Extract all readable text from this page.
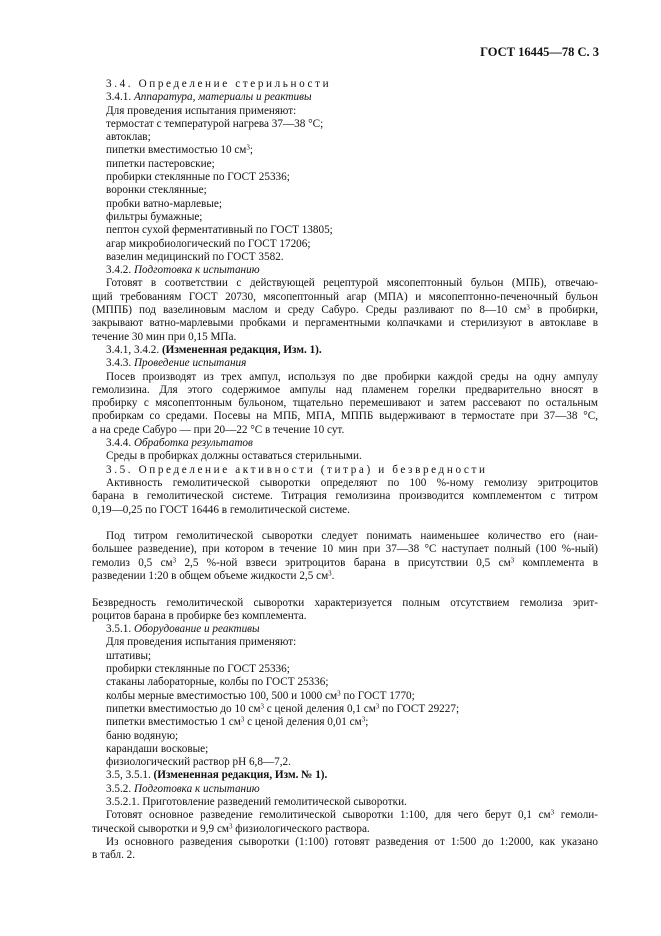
ГОСТ 16445—78 С. 3
3.4. Определение стерильности
3.4.1. Аппаратура, материалы и реактивы
Для проведения испытания применяют:
термостат с температурой нагрева 37—38 °С;
автоклав;
пипетки вместимостью 10 $см^3$;
пипетки пастеровские;
пробирки стеклянные по ГОСТ 25336;
воронки стеклянные;
пробки ватно-марлевые;
фильтры бумажные;
пептон сухой ферментативный по ГОСТ 13805;
агар микробиологический по ГОСТ 17206;
вазелин медицинский по ГОСТ 3582.
3.4.2. Подготовка к испытанию
Готовят в соответствии с действующей рецептурой мясопептонный бульон (МПБ), отвечаю-
щий требованиям ГОСТ 20730, мясопептонный агар (МПА) и мясопептонно-печеночный бульон
(МППБ) под вазелиновым маслом и среду Сабуро. Среды разливают по 8—10 $см^3$ в пробирки,
закрывают ватно-марлевыми пробками и пергаментными колпачками и стерилизуют в автоклаве в
течение 30 мин при 0,15 МПа.
3.4.1, 3.4.2. (Измененная редакция, Изм. 1).
3.4.3. Проведение испытания
Посев производят из трех ампул, используя по две пробирки каждой среды на одну ампулу
гемолизина. Для этого содержимое ампулы над пламенем горелки предварительно вносят в
пробирку с мясопептонным бульоном, тщательно перемешивают и затем рассевают по остальным
пробиркам со средами. Посевы на МПБ, МПА, МППБ выдерживают в термостате при 37—38 °С,
а на среде Сабуро — при 20—22 °С в течение 10 сут.
3.4.4. Обработка результатов
Среды в пробирках должны оставаться стерильными.
3.5. Определение активности (титра) и безвредности
Активность гемолитической сыворотки определяют по 100 %-ному гемолизу эритроцитов
барана в гемолитической системе. Титрация гемолизина производится комплементом с титром
0,19—0,25 по ГОСТ 16446 в гемолитической системе.

Под титром гемолитической сыворотки следует понимать наименьшее количество его (наи-
большее разведение), при котором в течение 10 мин при 37—38 °С наступает полный (100 %-ный)
гемолиз 0,5 $см^3$ 2,5 %-ной взвеси эритроцитов барана в присутствии 0,5 $см^3$ комплемента в
разведении 1:20 в общем объеме жидкости 2,5 $см^3$.

Безвредность гемолитической сыворотки характеризуется полным отсутствием гемолиза эрит-
роцитов барана в пробирке без комплемента.
3.5.1. Оборудование и реактивы
Для проведения испытания применяют:
штативы;
пробирки стеклянные по ГОСТ 25336;
стаканы лабораторные, колбы по ГОСТ 25336;
колбы мерные вместимостью 100, 500 и 1000 $см^3$ по ГОСТ 1770;
пипетки вместимостью до 10 $см^3$ с ценой деления 0,1 $см^3$ по ГОСТ 29227;
пипетки вместимостью 1 $см^3$ с ценой деления 0,01 $см^3$;
баню водяную;
карандаши восковые;
физиологический раствор рН 6,8—7,2.
3.5, 3.5.1. (Измененная редакция, Изм. № 1).
3.5.2. Подготовка к испытанию
3.5.2.1. Приготовление разведений гемолитической сыворотки.
Готовят основное разведение гемолитической сыворотки 1:100, для чего берут 0,1 $см^3$ гемоли-
тической сыворотки и 9,9 $см^3$ физиологического раствора.
Из основного разведения сыворотки (1:100) готовят разведения от 1:500 до 1:2000, как указано
в табл. 2.
